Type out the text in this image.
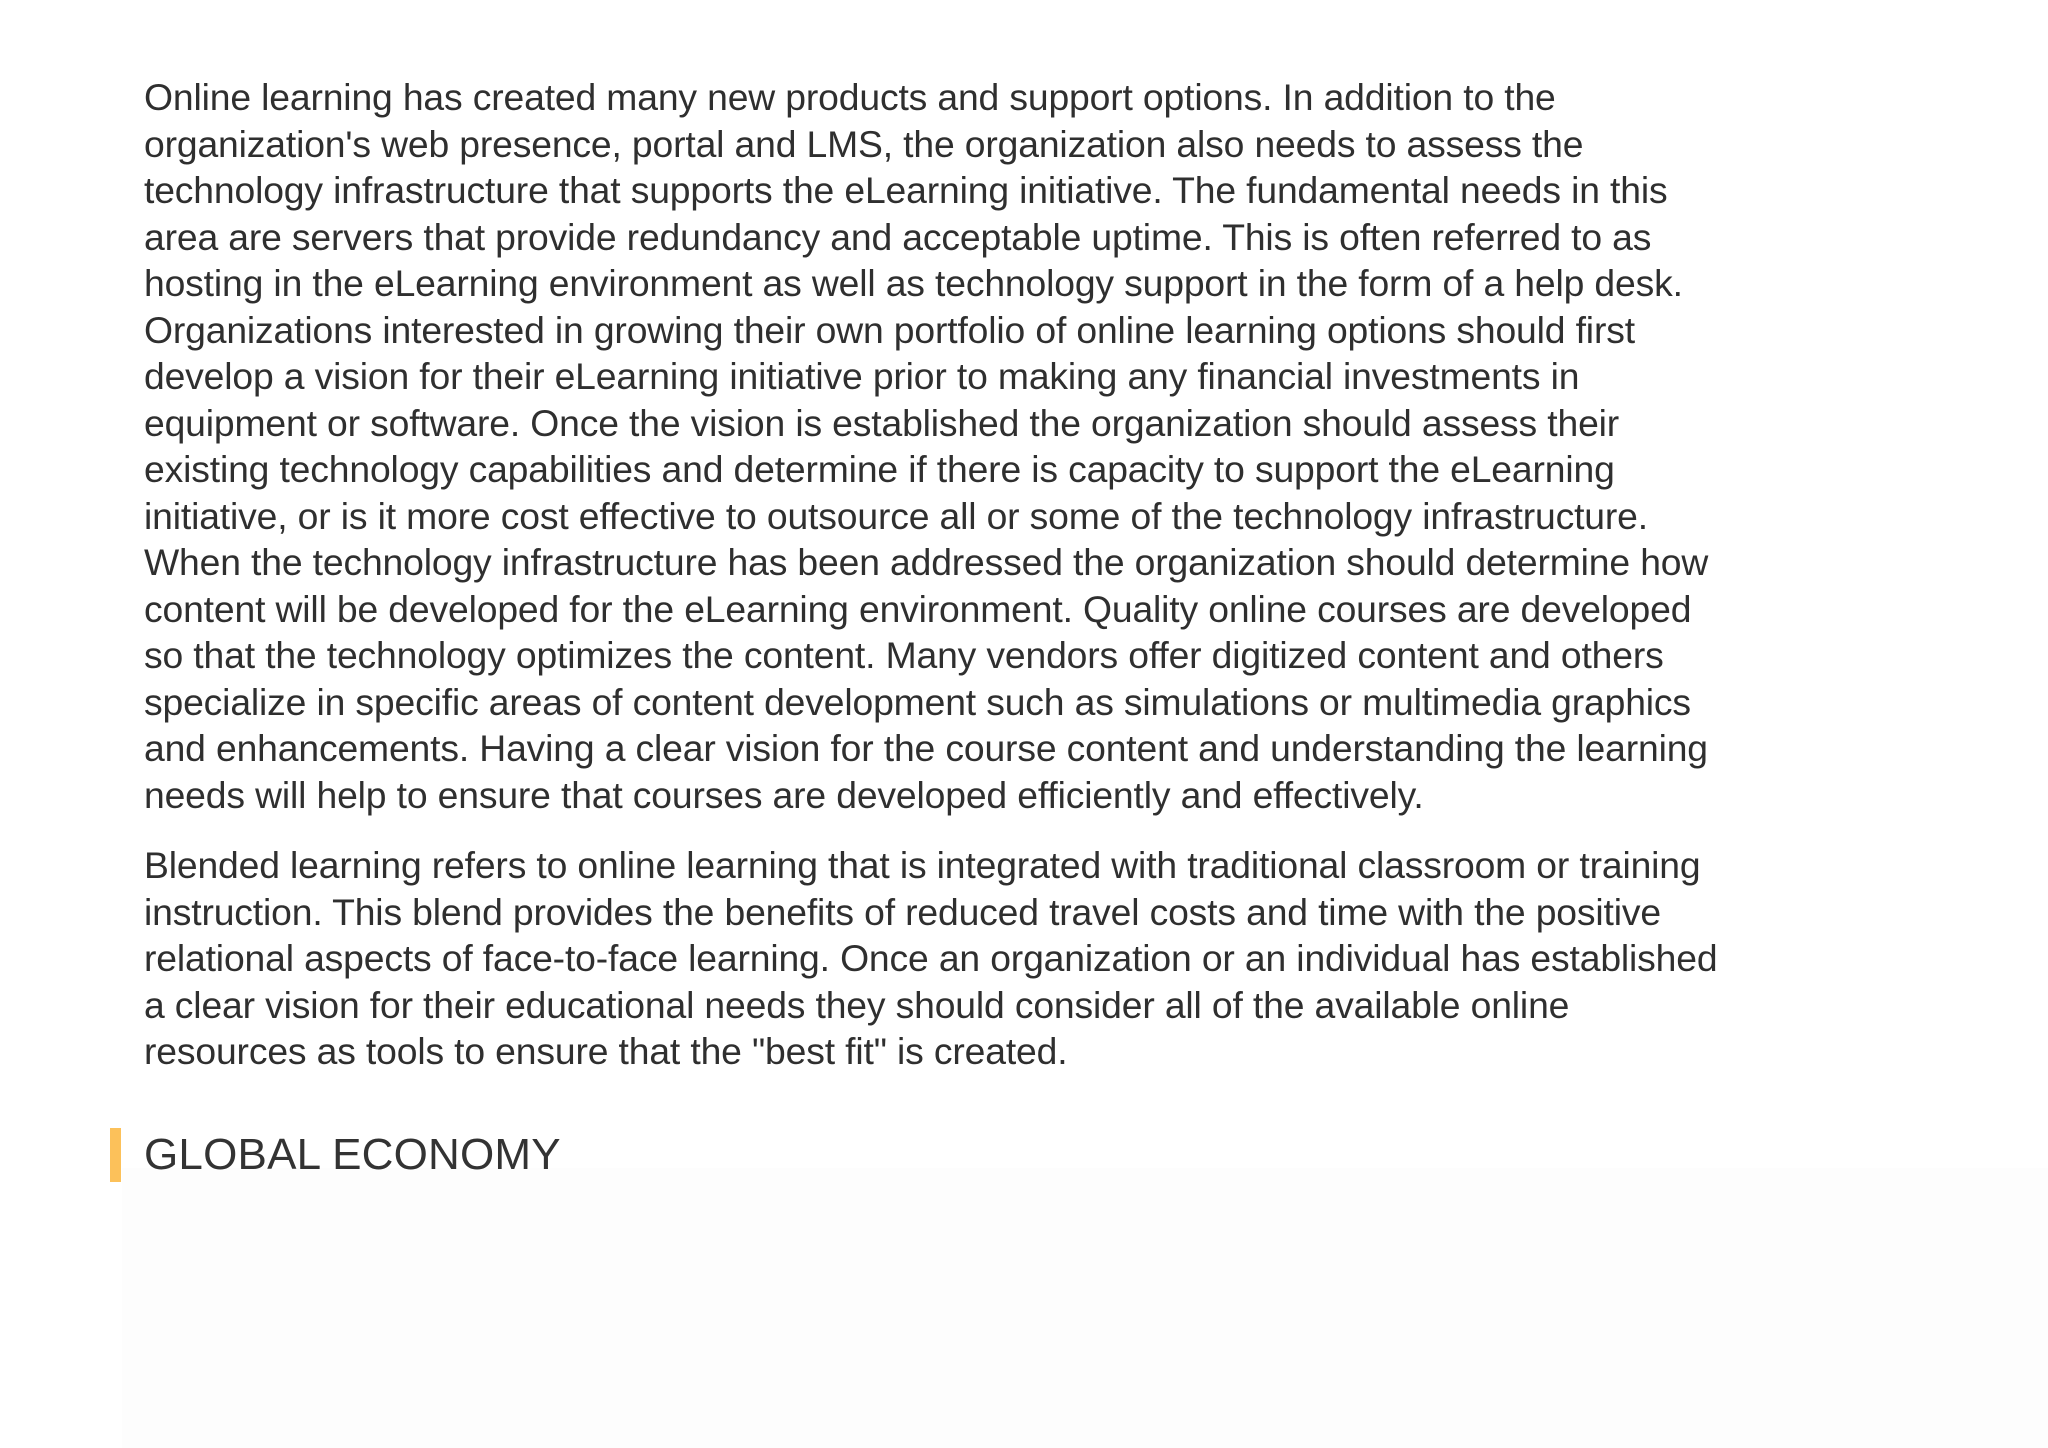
Online learning has created many new products and support options. In addition to the
organization's web presence, portal and LMS, the organization also needs to assess the
technology infrastructure that supports the eLearning initiative. The fundamental needs in this
area are servers that provide redundancy and acceptable uptime. This is often referred to as
hosting in the eLearning environment as well as technology support in the form of a help desk.
Organizations interested in growing their own portfolio of online learning options should first
develop a vision for their eLearning initiative prior to making any financial investments in
equipment or software. Once the vision is established the organization should assess their
existing technology capabilities and determine if there is capacity to support the eLearning
initiative, or is it more cost effective to outsource all or some of the technology infrastructure.
When the technology infrastructure has been addressed the organization should determine how
content will be developed for the eLearning environment. Quality online courses are developed
so that the technology optimizes the content. Many vendors offer digitized content and others
specialize in specific areas of content development such as simulations or multimedia graphics
and enhancements. Having a clear vision for the course content and understanding the learning
needs will help to ensure that courses are developed efficiently and effectively.

Blended learning refers to online learning that is integrated with traditional classroom or training
instruction. This blend provides the benefits of reduced travel costs and time with the positive
relational aspects of face-to-face learning. Once an organization or an individual has established
a clear vision for their educational needs they should consider all of the available online
resources as tools to ensure that the "best fit" is created.

GLOBAL ECONOMY
